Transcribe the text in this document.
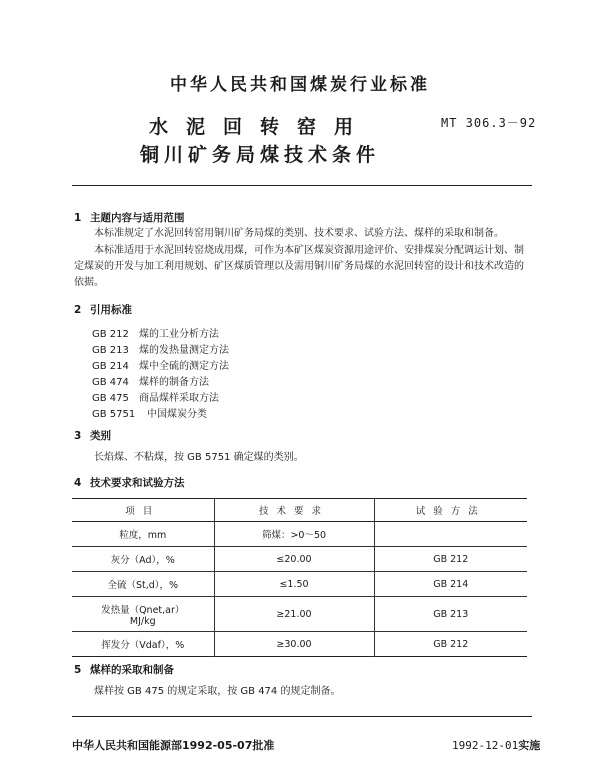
中华人民共和国煤炭行业标准
水泥回转窑用
铜川矿务局煤技术条件
MT 306.3－92
1 主题内容与适用范围
本标准规定了水泥回转窑用铜川矿务局煤的类别、技术要求、试验方法、煤样的采取和制备。
本标准适用于水泥回转窑烧成用煤，可作为本矿区煤炭资源用途评价、安排煤炭分配调运计划、制定煤炭的开发与加工利用规划、矿区煤质管理以及需用铜川矿务局煤的水泥回转窑的设计和技术改造的依据。
2 引用标准
GB 212 煤的工业分析方法
GB 213 煤的发热量测定方法
GB 214 煤中全硫的测定方法
GB 474 煤样的制备方法
GB 475 商品煤样采取方法
GB 5751 中国煤炭分类
3 类别
长焰煤、不粘煤，按 GB 5751 确定煤的类别。
4 技术要求和试验方法
项目	技术要求	试验方法
粒度，mm	筛煤：>0～50	
灰分（Ad），%	≤20.00	GB 212
全硫（St,d），%	≤1.50	GB 214

发热量（Qnet,ar）
MJ/kg	≥21.00	GB 213
挥发分（Vdaf），%	≥30.00	GB 212
5 煤样的采取和制备
煤样按 GB 475 的规定采取，按 GB 474 的规定制备。
中华人民共和国能源部1992-05-07批准	1992-12-01实施
